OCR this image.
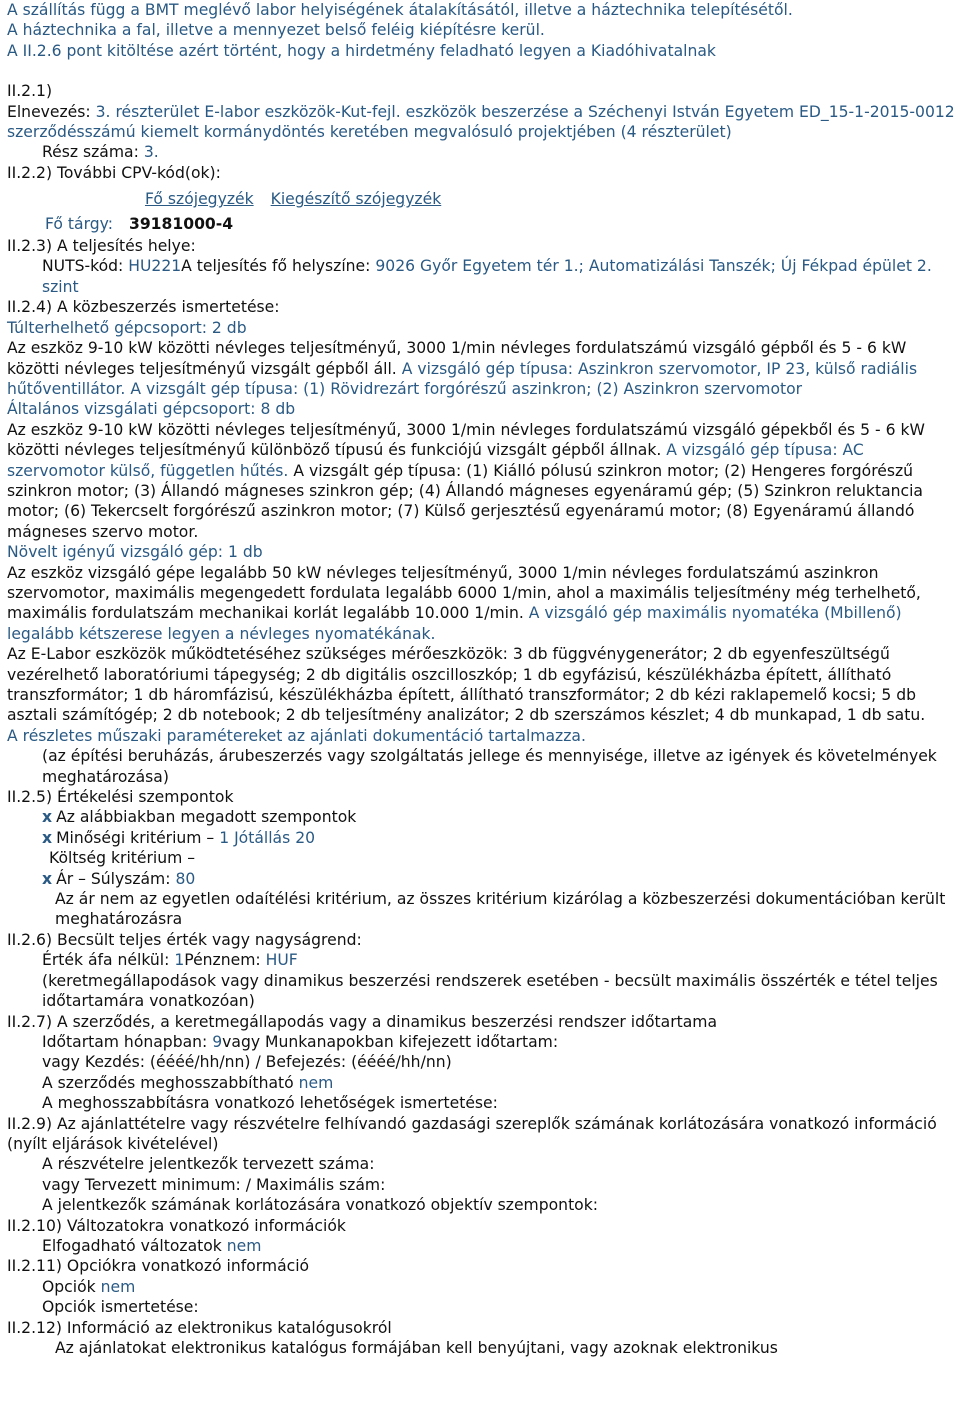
A szállítás függ a BMT meglévő labor helyiségének átalakításától, illetve a háztechnika telepítésétől.

A háztechnika a fal, illetve a mennyezet belső feléig kiépítésre kerül.

A II.2.6 pont kitöltése azért történt, hogy a hirdetmény feladható legyen a Kiadóhivatalnak

II.2.1)

Elnevezés: 3. részterület E-labor eszközök-Kut-fejl. eszközök beszerzése a Széchenyi István Egyetem ED_15-1-2015-0012 szerződésszámú kiemelt kormánydöntés keretében megvalósuló projektjében (4 részterület)

Rész száma: 3.

II.2.2) További CPV-kód(ok):

Fő szójegyzék Kiegészítő szójegyzék

Fő tárgy: 39181000-4

II.2.3) A teljesítés helye:

NUTS-kód: HU221A teljesítés fő helyszíne: 9026 Győr Egyetem tér 1.; Automatizálási Tanszék; Új Fékpad épület 2. szint

II.2.4) A közbeszerzés ismertetése:

Túlterhelhető gépcsoport: 2 db

Az eszköz 9-10 kW közötti névleges teljesítményű, 3000 1/min névleges fordulatszámú vizsgáló gépből és 5 - 6 kW közötti névleges teljesítményű vizsgált gépből áll. A vizsgáló gép típusa: Aszinkron szervomotor, IP 23, külső radiális hűtőventillátor. A vizsgált gép típusa: (1) Rövidrezárt forgórészű aszinkron; (2) Aszinkron szervomotor

Általános vizsgálati gépcsoport: 8 db

Az eszköz 9-10 kW közötti névleges teljesítményű, 3000 1/min névleges fordulatszámú vizsgáló gépekből és 5 - 6 kW közötti névleges teljesítményű különböző típusú és funkciójú vizsgált gépből állnak. A vizsgáló gép típusa: AC szervomotor külső, független hűtés. A vizsgált gép típusa: (1) Kiálló pólusú szinkron motor; (2) Hengeres forgórészű szinkron motor; (3) Állandó mágneses szinkron gép; (4) Állandó mágneses egyenáramú gép; (5) Szinkron reluktancia motor; (6) Tekercselt forgórészű aszinkron motor; (7) Külső gerjesztésű egyenáramú motor; (8) Egyenáramú állandó mágneses szervo motor.

Növelt igényű vizsgáló gép: 1 db

Az eszköz vizsgáló gépe legalább 50 kW névleges teljesítményű, 3000 1/min névleges fordulatszámú aszinkron szervomotor, maximális megengedett fordulata legalább 6000 1/min, ahol a maximális teljesítmény még terhelhető, maximális fordulatszám mechanikai korlát legalább 10.000 1/min. A vizsgáló gép maximális nyomatéka (Mbillenő) legalább kétszerese legyen a névleges nyomatékának.

Az E-Labor eszközök működtetéséhez szükséges mérőeszközök: 3 db függvénygenerátor; 2 db egyenfeszültségű vezérelhető laboratóriumi tápegység; 2 db digitális oszcilloszkóp; 1 db egyfázisú, készülékházba épített, állítható transzformátor; 1 db háromfázisú, készülékházba épített, állítható transzformátor; 2 db kézi raklapemelő kocsi; 5 db asztali számítógép; 2 db notebook; 2 db teljesítmény analizátor; 2 db szerszámos készlet; 4 db munkapad, 1 db satu.

A részletes műszaki paramétereket az ajánlati dokumentáció tartalmazza.

(az építési beruházás, árubeszerzés vagy szolgáltatás jellege és mennyisége, illetve az igények és követelmények meghatározása)

II.2.5) Értékelési szempontok

x Az alábbiakban megadott szempontok

x Minőségi kritérium – 1 Jótállás 20

Költség kritérium –

x Ár – Súlyszám: 80

Az ár nem az egyetlen odaítélési kritérium, az összes kritérium kizárólag a közbeszerzési dokumentációban került meghatározásra

II.2.6) Becsült teljes érték vagy nagyságrend:

Érték áfa nélkül: 1Pénznem: HUF

(keretmegállapodások vagy dinamikus beszerzési rendszerek esetében - becsült maximális összérték e tétel teljes időtartamára vonatkozóan)

II.2.7) A szerződés, a keretmegállapodás vagy a dinamikus beszerzési rendszer időtartama

Időtartam hónapban: 9vagy Munkanapokban kifejezett időtartam:

vagy Kezdés: (éééé/hh/nn) / Befejezés: (éééé/hh/nn)

A szerződés meghosszabbítható nem

A meghosszabbításra vonatkozó lehetőségek ismertetése:

II.2.9) Az ajánlattételre vagy részvételre felhívandó gazdasági szereplők számának korlátozására vonatkozó információ (nyílt eljárások kivételével)

A részvételre jelentkezők tervezett száma:

vagy Tervezett minimum: / Maximális szám:

A jelentkezők számának korlátozására vonatkozó objektív szempontok:

II.2.10) Változatokra vonatkozó információk

Elfogadható változatok nem

II.2.11) Opciókra vonatkozó információ

Opciók nem

Opciók ismertetése:

II.2.12) Információ az elektronikus katalógusokról

Az ajánlatokat elektronikus katalógus formájában kell benyújtani, vagy azoknak elektronikus
